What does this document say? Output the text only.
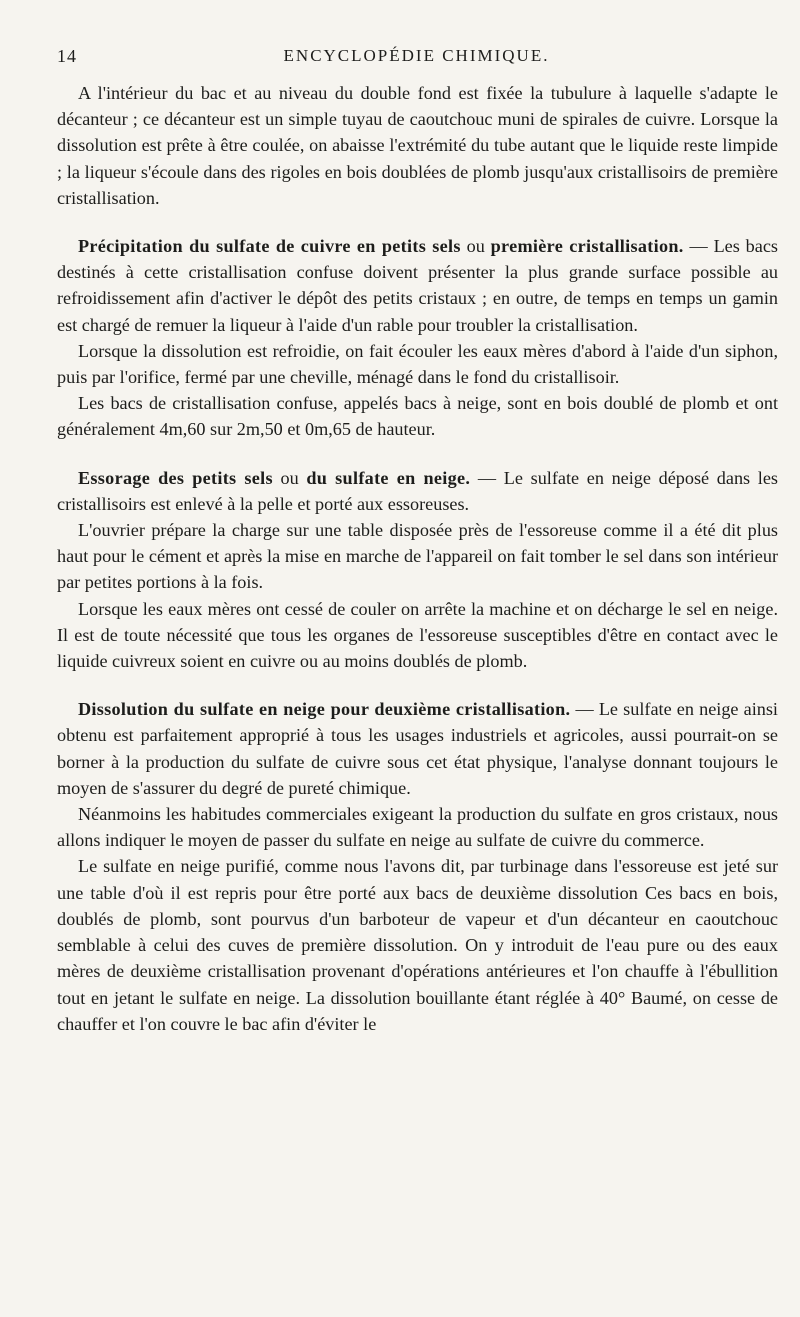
14	ENCYCLOPÉDIE CHIMIQUE.

A l'intérieur du bac et au niveau du double fond est fixée la tubulure à laquelle s'adapte le décanteur ; ce décanteur est un simple tuyau de caoutchouc muni de spirales de cuivre. Lorsque la dissolution est prête à être coulée, on abaisse l'extrémité du tube autant que le liquide reste limpide ; la liqueur s'écoule dans des rigoles en bois doublées de plomb jusqu'aux cristallisoirs de première cristallisation.

Précipitation du sulfate de cuivre en petits sels ou première cristallisation. — Les bacs destinés à cette cristallisation confuse doivent présenter la plus grande surface possible au refroidissement afin d'activer le dépôt des petits cristaux ; en outre, de temps en temps un gamin est chargé de remuer la liqueur à l'aide d'un rable pour troubler la cristallisation.

Lorsque la dissolution est refroidie, on fait écouler les eaux mères d'abord à l'aide d'un siphon, puis par l'orifice, fermé par une cheville, ménagé dans le fond du cristallisoir.

Les bacs de cristallisation confuse, appelés bacs à neige, sont en bois doublé de plomb et ont généralement 4m,60 sur 2m,50 et 0m,65 de hauteur.

Essorage des petits sels ou du sulfate en neige. — Le sulfate en neige déposé dans les cristallisoirs est enlevé à la pelle et porté aux essoreuses.

L'ouvrier prépare la charge sur une table disposée près de l'essoreuse comme il a été dit plus haut pour le cément et après la mise en marche de l'appareil on fait tomber le sel dans son intérieur par petites portions à la fois.

Lorsque les eaux mères ont cessé de couler on arrête la machine et on décharge le sel en neige. Il est de toute nécessité que tous les organes de l'essoreuse susceptibles d'être en contact avec le liquide cuivreux soient en cuivre ou au moins doublés de plomb.

Dissolution du sulfate en neige pour deuxième cristallisation. — Le sulfate en neige ainsi obtenu est parfaitement approprié à tous les usages industriels et agricoles, aussi pourrait-on se borner à la production du sulfate de cuivre sous cet état physique, l'analyse donnant toujours le moyen de s'assurer du degré de pureté chimique.

Néanmoins les habitudes commerciales exigeant la production du sulfate en gros cristaux, nous allons indiquer le moyen de passer du sulfate en neige au sulfate de cuivre du commerce.

Le sulfate en neige purifié, comme nous l'avons dit, par turbinage dans l'essoreuse est jeté sur une table d'où il est repris pour être porté aux bacs de deuxième dissolution Ces bacs en bois, doublés de plomb, sont pourvus d'un barboteur de vapeur et d'un décanteur en caoutchouc semblable à celui des cuves de première dissolution. On y introduit de l'eau pure ou des eaux mères de deuxième cristallisation provenant d'opérations antérieures et l'on chauffe à l'ébullition tout en jetant le sulfate en neige. La dissolution bouillante étant réglée à 40° Baumé, on cesse de chauffer et l'on couvre le bac afin d'éviter le
